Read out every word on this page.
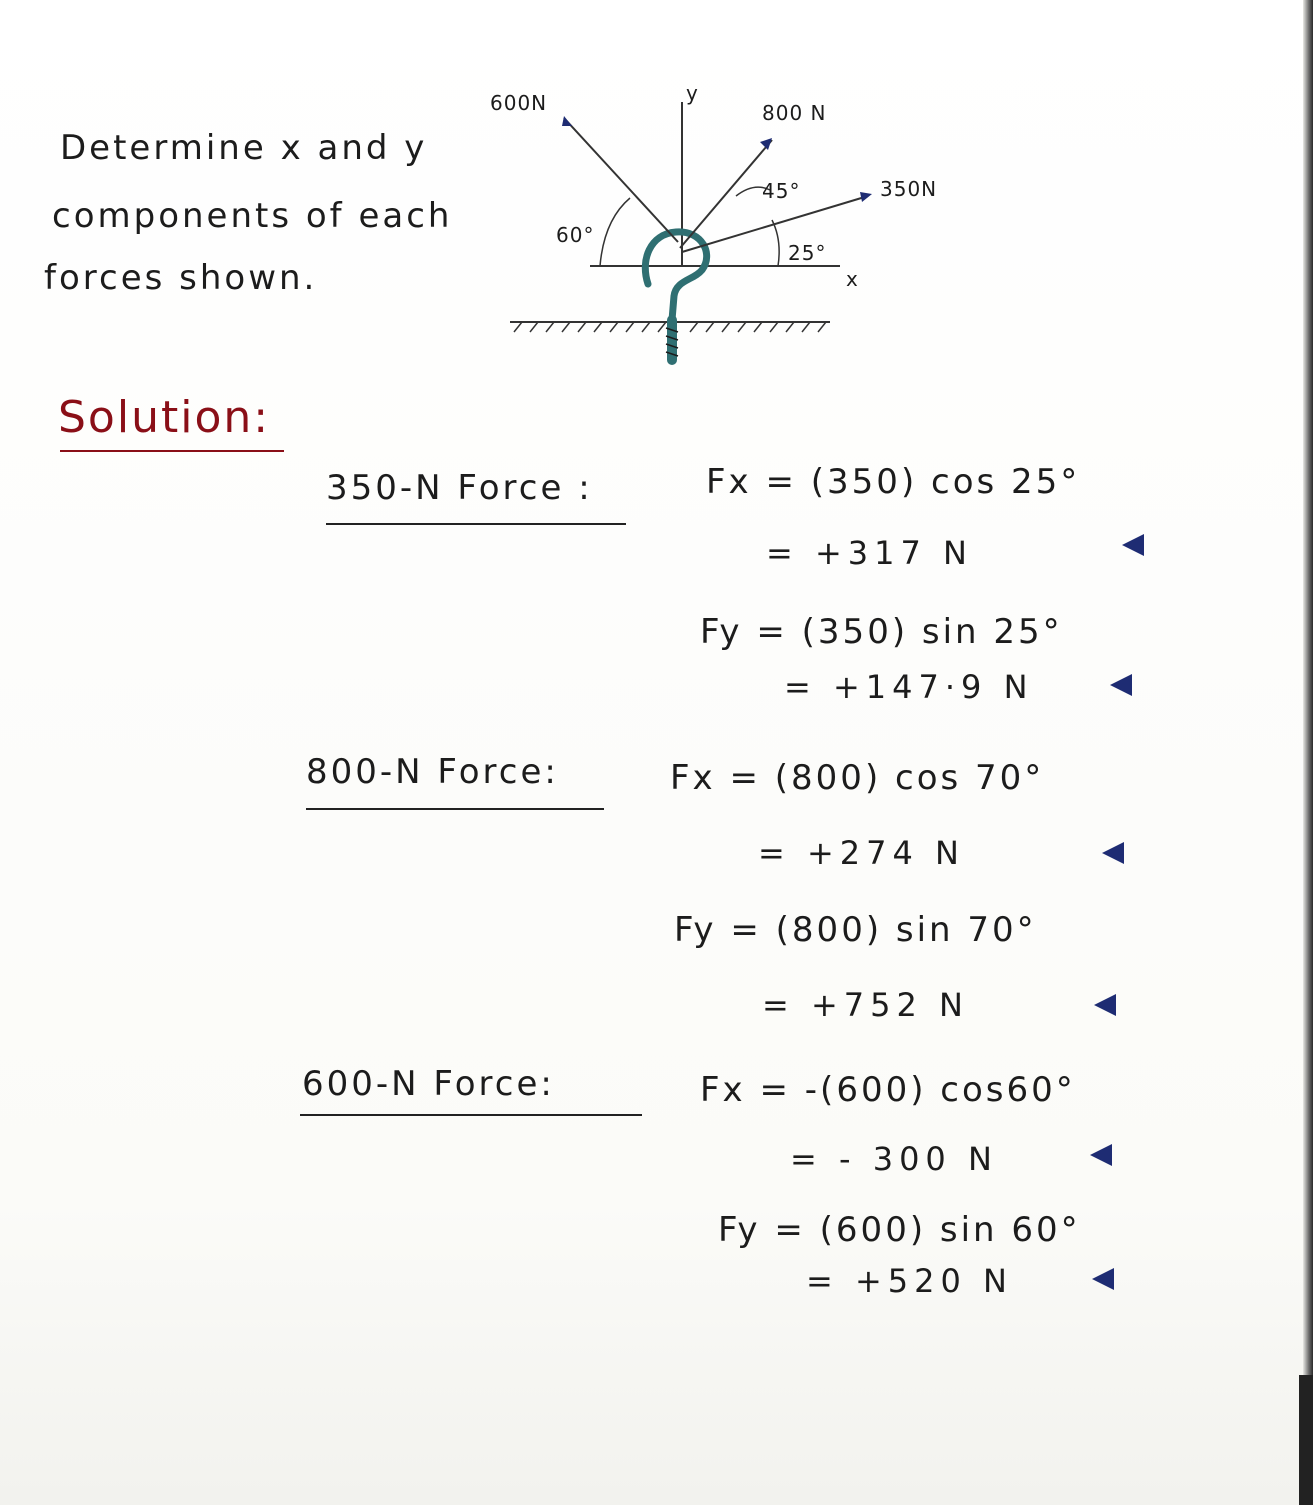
Determine x and y
components of each
forces shown.
600N	800 N
350N
y
x
60°
45°
25°
Solution:
350-N Force :	Fx = (350) cos 25°
= +317 N
Fy = (350) sin 25°
= +147·9 N
800-N Force:	Fx = (800) cos 70°
= +274 N
Fy = (800) sin 70°
= +752 N
600-N Force:	Fx = -(600) cos60°
= - 300 N
Fy = (600) sin 60°
= +520 N
